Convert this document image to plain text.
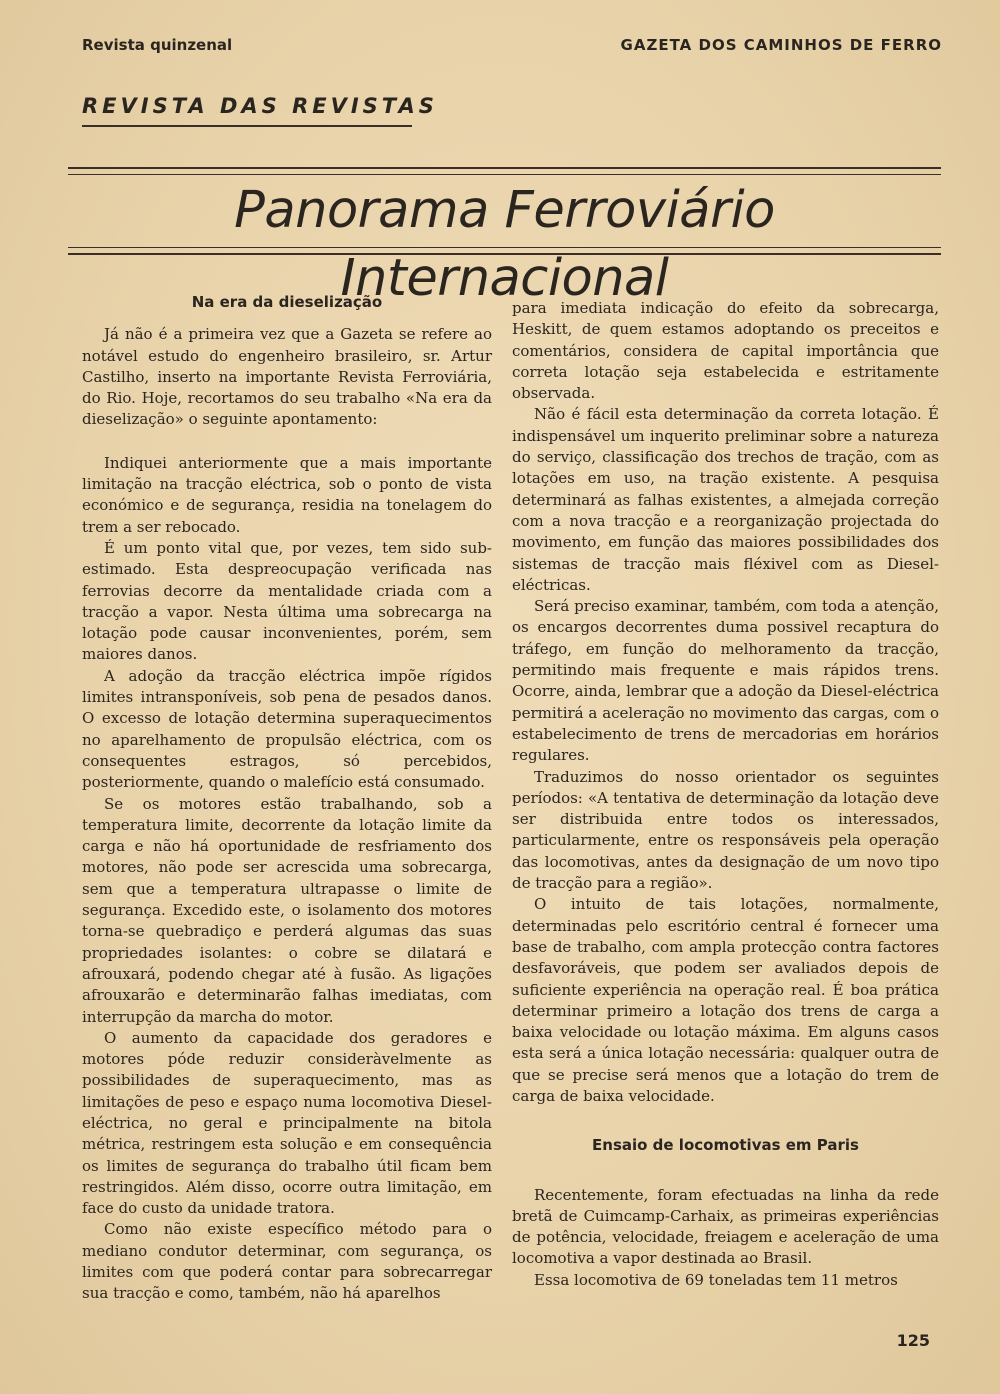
Revista quinzenal	GAZETA DOS CAMINHOS DE FERRO
REVISTA DAS REVISTAS
Panorama Ferroviário Internacional
Na era da dieselização

Já não é a primeira vez que a Gazeta se refere ao notável estudo do engenheiro brasileiro, sr. Artur Castilho, inserto na importante Revista Ferroviária, do Rio. Hoje, recortamos do seu trabalho «Na era da dieselização» o seguinte apontamento:

Indiquei anteriormente que a mais importante limitação na tracção eléctrica, sob o ponto de vista económico e de segurança, residia na tonelagem do trem a ser rebocado.

É um ponto vital que, por vezes, tem sido sub-estimado. Esta despreocupação verificada nas ferrovias decorre da mentalidade criada com a tracção a vapor. Nesta última uma sobrecarga na lotação pode causar inconvenientes, porém, sem maiores danos.

A adoção da tracção eléctrica impõe rígidos limites intransponíveis, sob pena de pesados danos. O excesso de lotação determina superaquecimentos no aparelhamento de propulsão eléctrica, com os consequentes estragos, só percebidos, posteriormente, quando o malefício está consumado.

Se os motores estão trabalhando, sob a temperatura limite, decorrente da lotação limite da carga e não há oportunidade de resfriamento dos motores, não pode ser acrescida uma sobrecarga, sem que a temperatura ultrapasse o limite de segurança. Excedido este, o isolamento dos motores torna-se quebradiço e perderá algumas das suas propriedades isolantes: o cobre se dilatará e afrouxará, podendo chegar até à fusão. As ligações afrouxarão e determinarão falhas imediatas, com interrupção da marcha do motor.

O aumento da capacidade dos geradores e motores póde reduzir consideràvelmente as possibilidades de superaquecimento, mas as limitações de peso e espaço numa locomotiva Diesel-eléctrica, no geral e principalmente na bitola métrica, restringem esta solução e em consequência os limites de segurança do trabalho útil ficam bem restringidos. Além disso, ocorre outra limitação, em face do custo da unidade tratora.

Como não existe específico método para o mediano condutor determinar, com segurança, os limites com que poderá contar para sobrecarregar sua tracção e como, também, não há aparelhos

para imediata indicação do efeito da sobrecarga, Heskitt, de quem estamos adoptando os preceitos e comentários, considera de capital importância que correta lotação seja estabelecida e estritamente observada.

Não é fácil esta determinação da correta lotação. É indispensável um inquerito preliminar sobre a natureza do serviço, classificação dos trechos de tração, com as lotações em uso, na tração existente. A pesquisa determinará as falhas existentes, a almejada correção com a nova tracção e a reorganização projectada do movimento, em função das maiores possibilidades dos sistemas de tracção mais fléxivel com as Diesel-eléctricas.

Será preciso examinar, também, com toda a atenção, os encargos decorrentes duma possivel recaptura do tráfego, em função do melhoramento da tracção, permitindo mais frequente e mais rápidos trens. Ocorre, ainda, lembrar que a adoção da Diesel-eléctrica permitirá a aceleração no movimento das cargas, com o estabelecimento de trens de mercadorias em horários regulares.

Traduzimos do nosso orientador os seguintes períodos: «A tentativa de determinação da lotação deve ser distribuida entre todos os interessados, particularmente, entre os responsáveis pela operação das locomotivas, antes da designação de um novo tipo de tracção para a região».

O intuito de tais lotações, normalmente, determinadas pelo escritório central é fornecer uma base de trabalho, com ampla protecção contra factores desfavoráveis, que podem ser avaliados depois de suficiente experiência na operação real. É boa prática determinar primeiro a lotação dos trens de carga a baixa velocidade ou lotação máxima. Em alguns casos esta será a única lotação necessária: qualquer outra de que se precise será menos que a lotação do trem de carga de baixa velocidade.

Ensaio de locomotivas em Paris

Recentemente, foram efectuadas na linha da rede bretã de Cuimcamp-Carhaix, as primeiras experiências de potência, velocidade, freiagem e aceleração de uma locomotiva a vapor destinada ao Brasil.

Essa locomotiva de 69 toneladas tem 11 metros

125
